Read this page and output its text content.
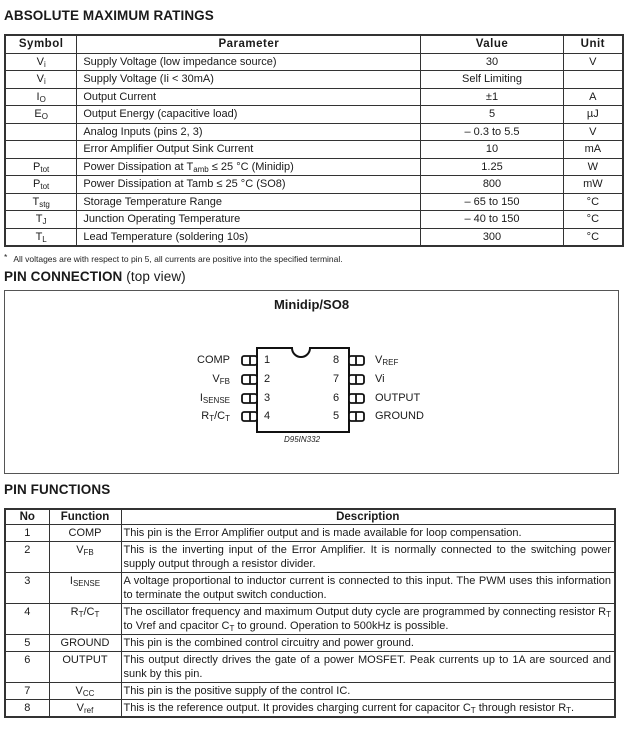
ABSOLUTE MAXIMUM RATINGS
Symbol	Parameter	Value	Unit
$V_i$	Supply Voltage (low impedance source)	30	V
$V_i$	Supply Voltage (Ii < 30mA)	Self Limiting	
$I_O$	Output Current	±1	A
$E_O$	Output Energy (capacitive load)	5	µJ
	Analog Inputs (pins 2, 3)	– 0.3 to 5.5	V
	Error Amplifier Output Sink Current	10	mA
$P_{tot}$	Power Dissipation at $T_{amb} \le 25$ °C (Minidip)	1.25	W
$P_{tot}$	Power Dissipation at Tamb ≤ 25 °C (SO8)	800	mW
$T_{stg}$	Storage Temperature Range	– 65 to 150	°C
$T_J$	Junction Operating Temperature	– 40 to 150	°C
$T_L$	Lead Temperature (soldering 10s)	300	°C
* All voltages are with respect to pin 5, all currents are positive into the specified terminal.
PIN CONNECTION (top view)
Minidip/SO8
1
2
3
4
8
7
6
5
COMP
$V_{FB}$
$I_{SENSE}$
$R_T/C_T$
$V_{REF}$
Vi
OUTPUT
GROUND
D95IN332
PIN FUNCTIONS
No	Function	Description
1	COMP	This pin is the Error Amplifier output and is made available for loop compensation.
2	$V_{FB}$	This is the inverting input of the Error Amplifier. It is normally connected to the switching power supply output through a resistor divider.
3	$I_{SENSE}$	A voltage proportional to inductor current is connected to this input. The PWM uses this information to terminate the output switch conduction.
4	$R_T/C_T$	The oscillator frequency and maximum Output duty cycle are programmed by connecting resistor $R_T$ to Vref and cpacitor $C_T$ to ground. Operation to 500kHz is possible.
5	GROUND	This pin is the combined control circuitry and power ground.
6	OUTPUT	This output directly drives the gate of a power MOSFET. Peak currents up to 1A are sourced and sunk by this pin.
7	$V_{CC}$	This pin is the positive supply of the control IC.
8	$V_{ref}$	This is the reference output. It provides charging current for capacitor $C_T$ through resistor $R_T$.
